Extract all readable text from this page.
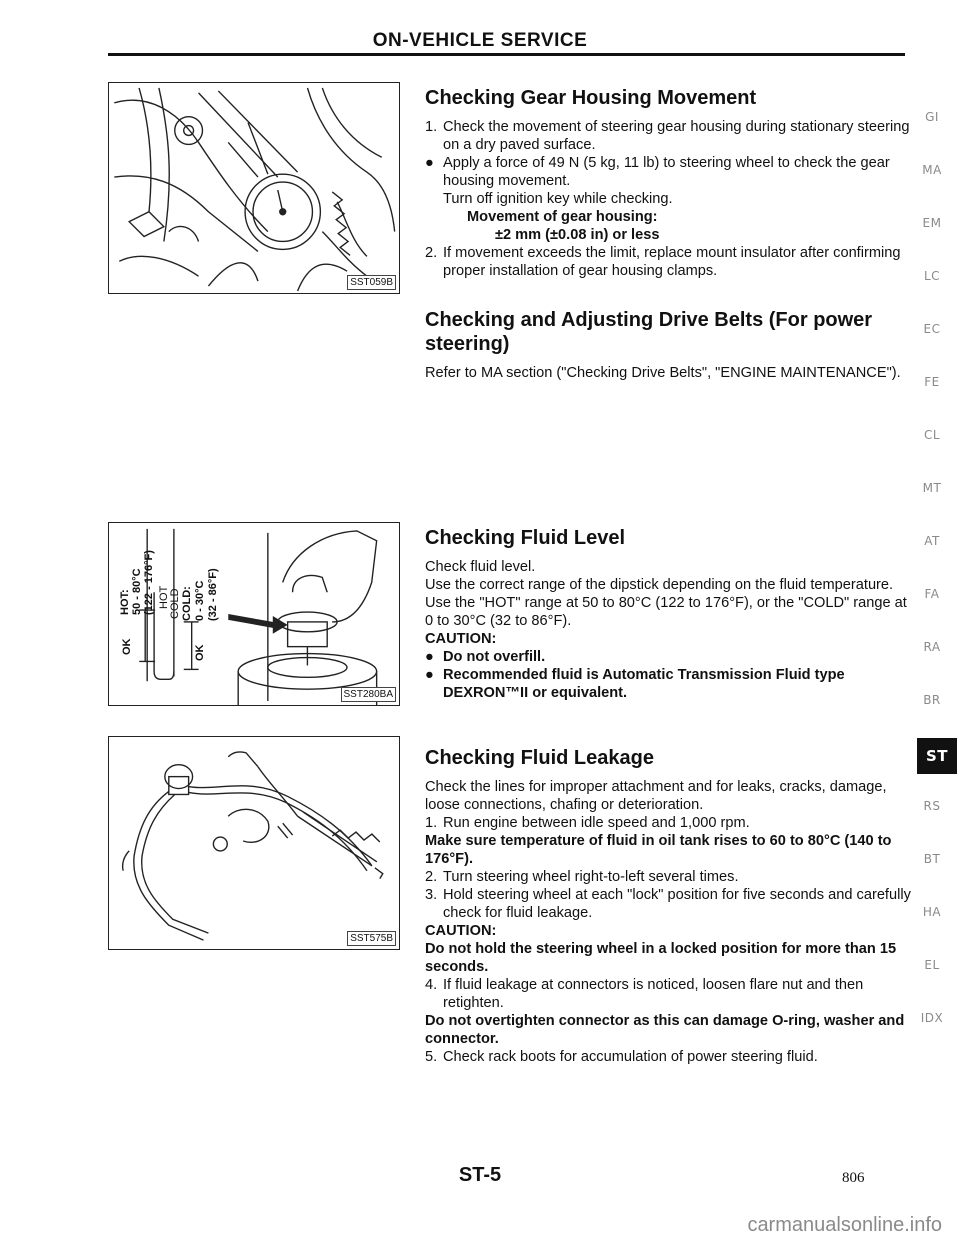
ON-VEHICLE SERVICE
SST059B
HOT: 50 - 80°C (122 - 176°F)
OK
HOT COLD COLD: 0 - 30°C (32 - 86°F)
OK
SST280BA
SST575B
Checking Gear Housing Movement
1. Check the movement of steering gear housing during stationary steering on a dry paved surface.
● Apply a force of 49 N (5 kg, 11 lb) to steering wheel to check the gear housing movement.
Turn off ignition key while checking.
Movement of gear housing:
±2 mm (±0.08 in) or less
2. If movement exceeds the limit, replace mount insulator after confirming proper installation of gear housing clamps.
Checking and Adjusting Drive Belts (For power steering)

Refer to MA section ("Checking Drive Belts", "ENGINE MAINTENANCE").

Checking Fluid Level

Check fluid level.

Use the correct range of the dipstick depending on the fluid temperature. Use the "HOT" range at 50 to 80°C (122 to 176°F), or the "COLD" range at 0 to 30°C (32 to 86°F).

CAUTION:

● Do not overfill.
● Recommended fluid is Automatic Transmission Fluid type DEXRON™II or equivalent.
Checking Fluid Leakage

Check the lines for improper attachment and for leaks, cracks, damage, loose connections, chafing or deterioration.

1. Run engine between idle speed and 1,000 rpm.

Make sure temperature of fluid in oil tank rises to 60 to 80°C (140 to 176°F).

2. Turn steering wheel right-to-left several times.
3. Hold steering wheel at each "lock" position for five seconds and carefully check for fluid leakage.

CAUTION:

Do not hold the steering wheel in a locked position for more than 15 seconds.

4. If fluid leakage at connectors is noticed, loosen flare nut and then retighten.

Do not overtighten connector as this can damage O-ring, washer and connector.

5. Check rack boots for accumulation of power steering fluid.
GI
MA
EM
LC
EC
FE
CL
MT
AT
FA
RA
BR
ST
RS
BT
HA
EL
IDX
ST-5	806
carmanualsonline.info
